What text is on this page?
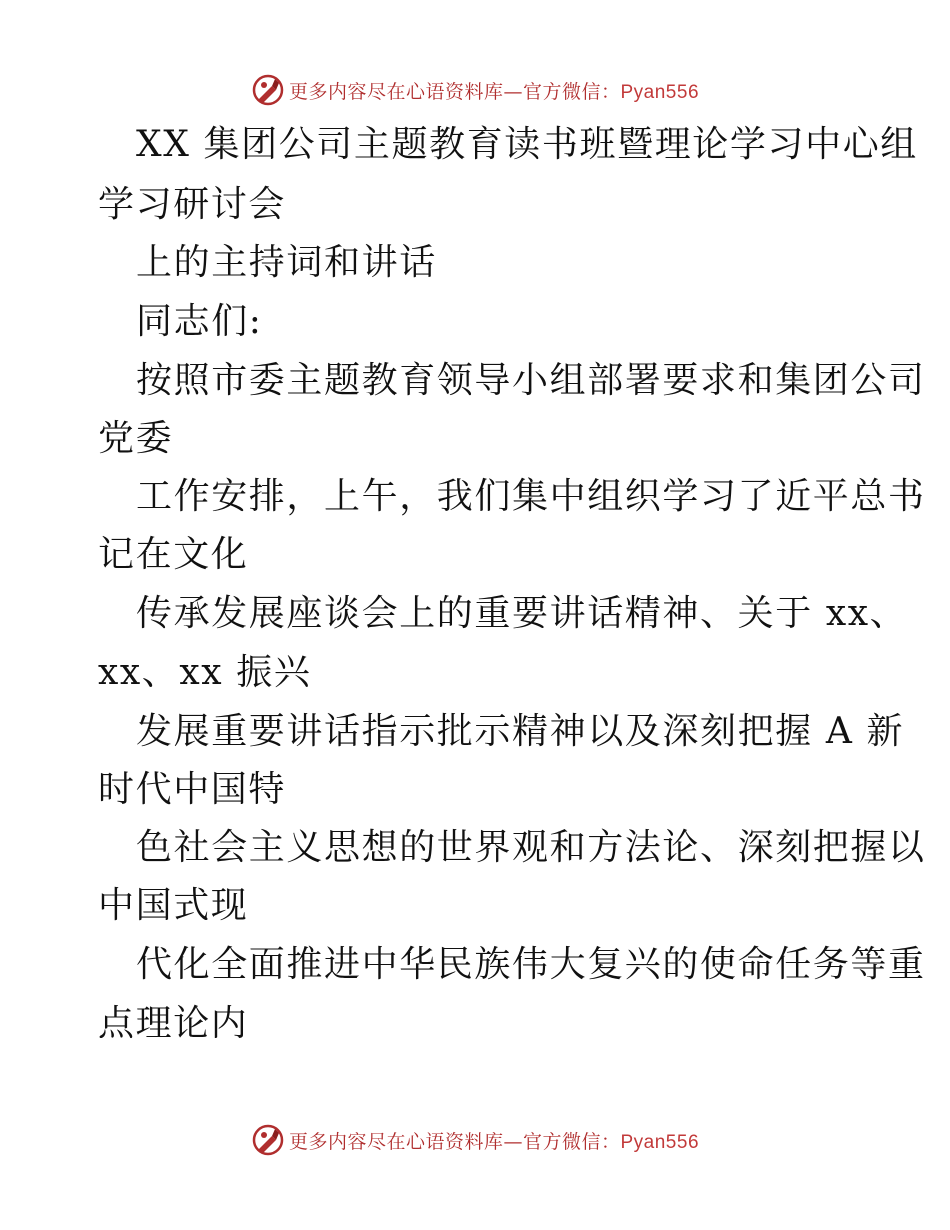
更多内容尽在心语资料库—官方微信：Pyan556
XX 集团公司主题教育读书班暨理论学习中心组
学习研讨会
上的主持词和讲话
同志们:
按照市委主题教育领导小组部署要求和集团公司
党委
工作安排，上午，我们集中组织学习了近平总书
记在文化
传承发展座谈会上的重要讲话精神、关于 xx、
xx、xx 振兴
发展重要讲话指示批示精神以及深刻把握 A 新
时代中国特
色社会主义思想的世界观和方法论、深刻把握以
中国式现
代化全面推进中华民族伟大复兴的使命任务等重
点理论内
更多内容尽在心语资料库—官方微信：Pyan556
